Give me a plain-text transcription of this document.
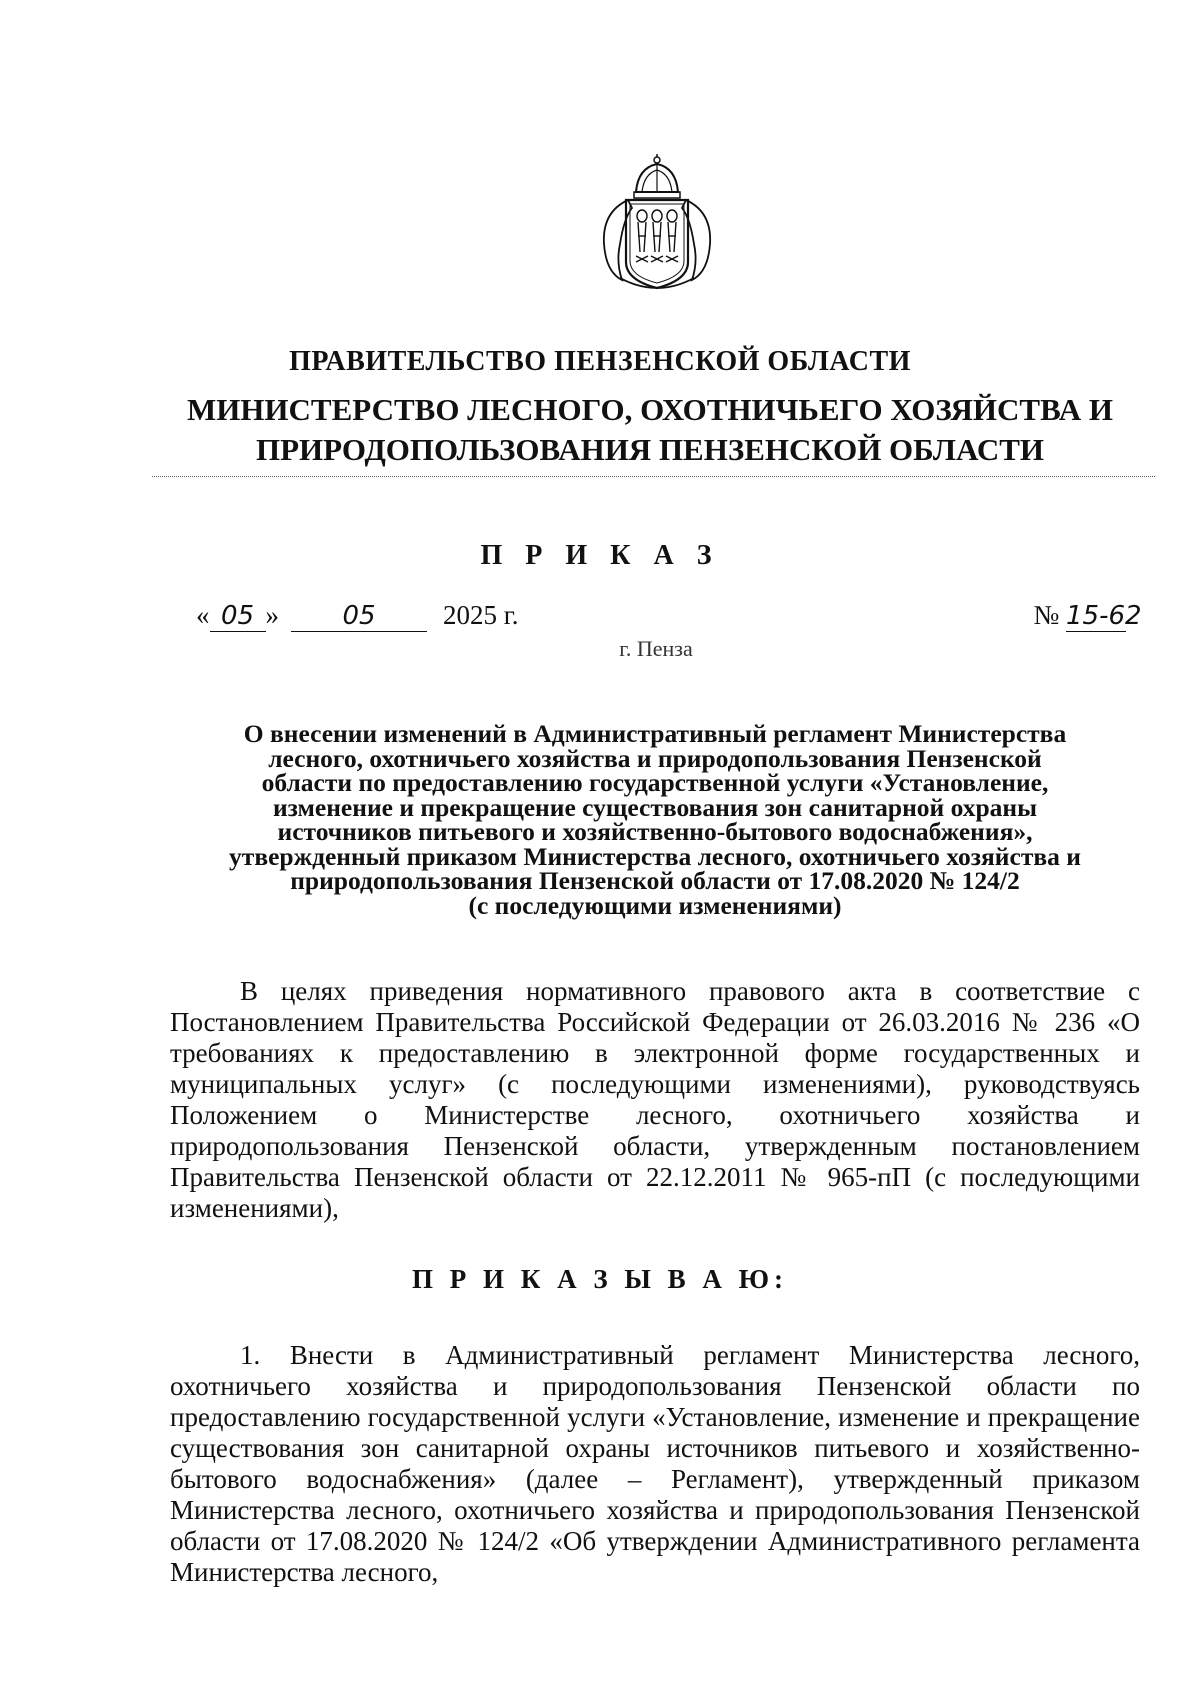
ПРАВИТЕЛЬСТВО ПЕНЗЕНСКОЙ ОБЛАСТИ
МИНИСТЕРСТВО ЛЕСНОГО, ОХОТНИЧЬЕГО ХОЗЯЙСТВА И
ПРИРОДОПОЛЬЗОВАНИЯ ПЕНЗЕНСКОЙ ОБЛАСТИ
П Р И К А З
« 05 » 05 2025 г.	№ 15-62
г. Пенза

О внесении изменений в Административный регламент Министерства
лесного, охотничьего хозяйства и природопользования Пензенской
области по предоставлению государственной услуги «Установление,
изменение и прекращение существования зон санитарной охраны
источников питьевого и хозяйственно-бытового водоснабжения»,
утвержденный приказом Министерства лесного, охотничьего хозяйства и
природопользования Пензенской области от 17.08.2020 № 124/2
(с последующими изменениями)

В целях приведения нормативного правового акта в соответствие с Постановлением Правительства Российской Федерации от 26.03.2016 № 236 «О требованиях к предоставлению в электронной форме государственных и муниципальных услуг» (с последующими изменениями), руководствуясь Положением о Министерстве лесного, охотничьего хозяйства и природопользования Пензенской области, утвержденным постановлением Правительства Пензенской области от 22.12.2011 № 965-пП (с последующими изменениями),

П Р И К А З Ы В А Ю:

1. Внести в Административный регламент Министерства лесного, охотничьего хозяйства и природопользования Пензенской области по предоставлению государственной услуги «Установление, изменение и прекращение существования зон санитарной охраны источников питьевого и хозяйственно-бытового водоснабжения» (далее – Регламент), утвержденный приказом Министерства лесного, охотничьего хозяйства и природопользования Пензенской области от 17.08.2020 № 124/2 «Об утверждении Административного регламента Министерства лесного,
